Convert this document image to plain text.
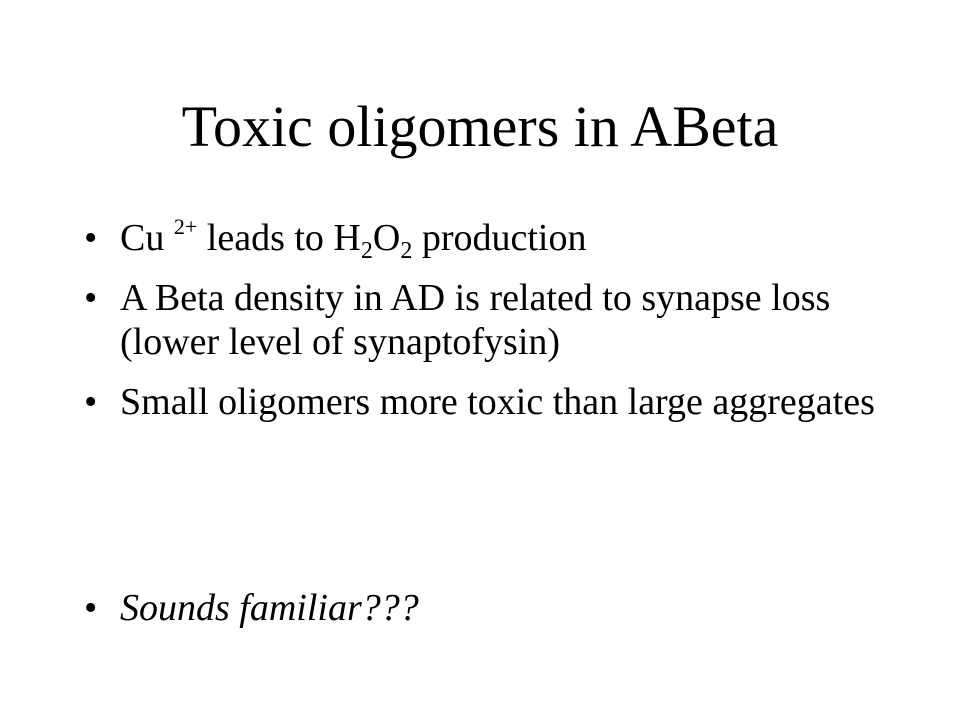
Toxic oligomers in ABeta
• Cu $^{2+}$ leads to $H_2O_2$ production
• A Beta density in AD is related to synapse loss (lower level of synaptofysin)
• Small oligomers more toxic than large aggregates
• Sounds familiar???
